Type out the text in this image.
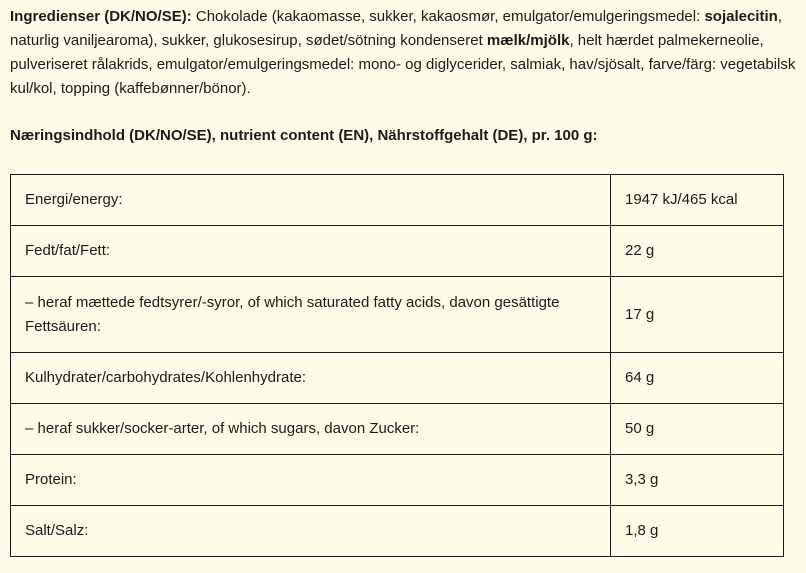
Ingredienser (DK/NO/SE): Chokolade (kakaomasse, sukker, kakaosmør, emulgator/emulgeringsmedel: sojalecitin, naturlig vaniljearoma), sukker, glukosesirup, sødet/sötning kondenseret mælk/mjölk, helt hærdet palmekerneolie, pulveriseret rålakrids, emulgator/emulgeringsmedel: mono- og diglycerider, salmiak, hav/sjösalt, farve/färg: vegetabilsk kul/kol, topping (kaffebønner/bönor).

Næringsindhold (DK/NO/SE), nutrient content (EN), Nährstoffgehalt (DE), pr. 100 g:

Energi/energy:	1947 kJ/465 kcal
Fedt/fat/Fett:	22 g
– heraf mættede fedtsyrer/-syror, of which saturated fatty acids, davon gesättigte Fettsäuren:	17 g
Kulhydrater/carbohydrates/Kohlenhydrate:	64 g
– heraf sukker/socker-arter, of which sugars, davon Zucker:	50 g
Protein:	3,3 g
Salt/Salz:	1,8 g
